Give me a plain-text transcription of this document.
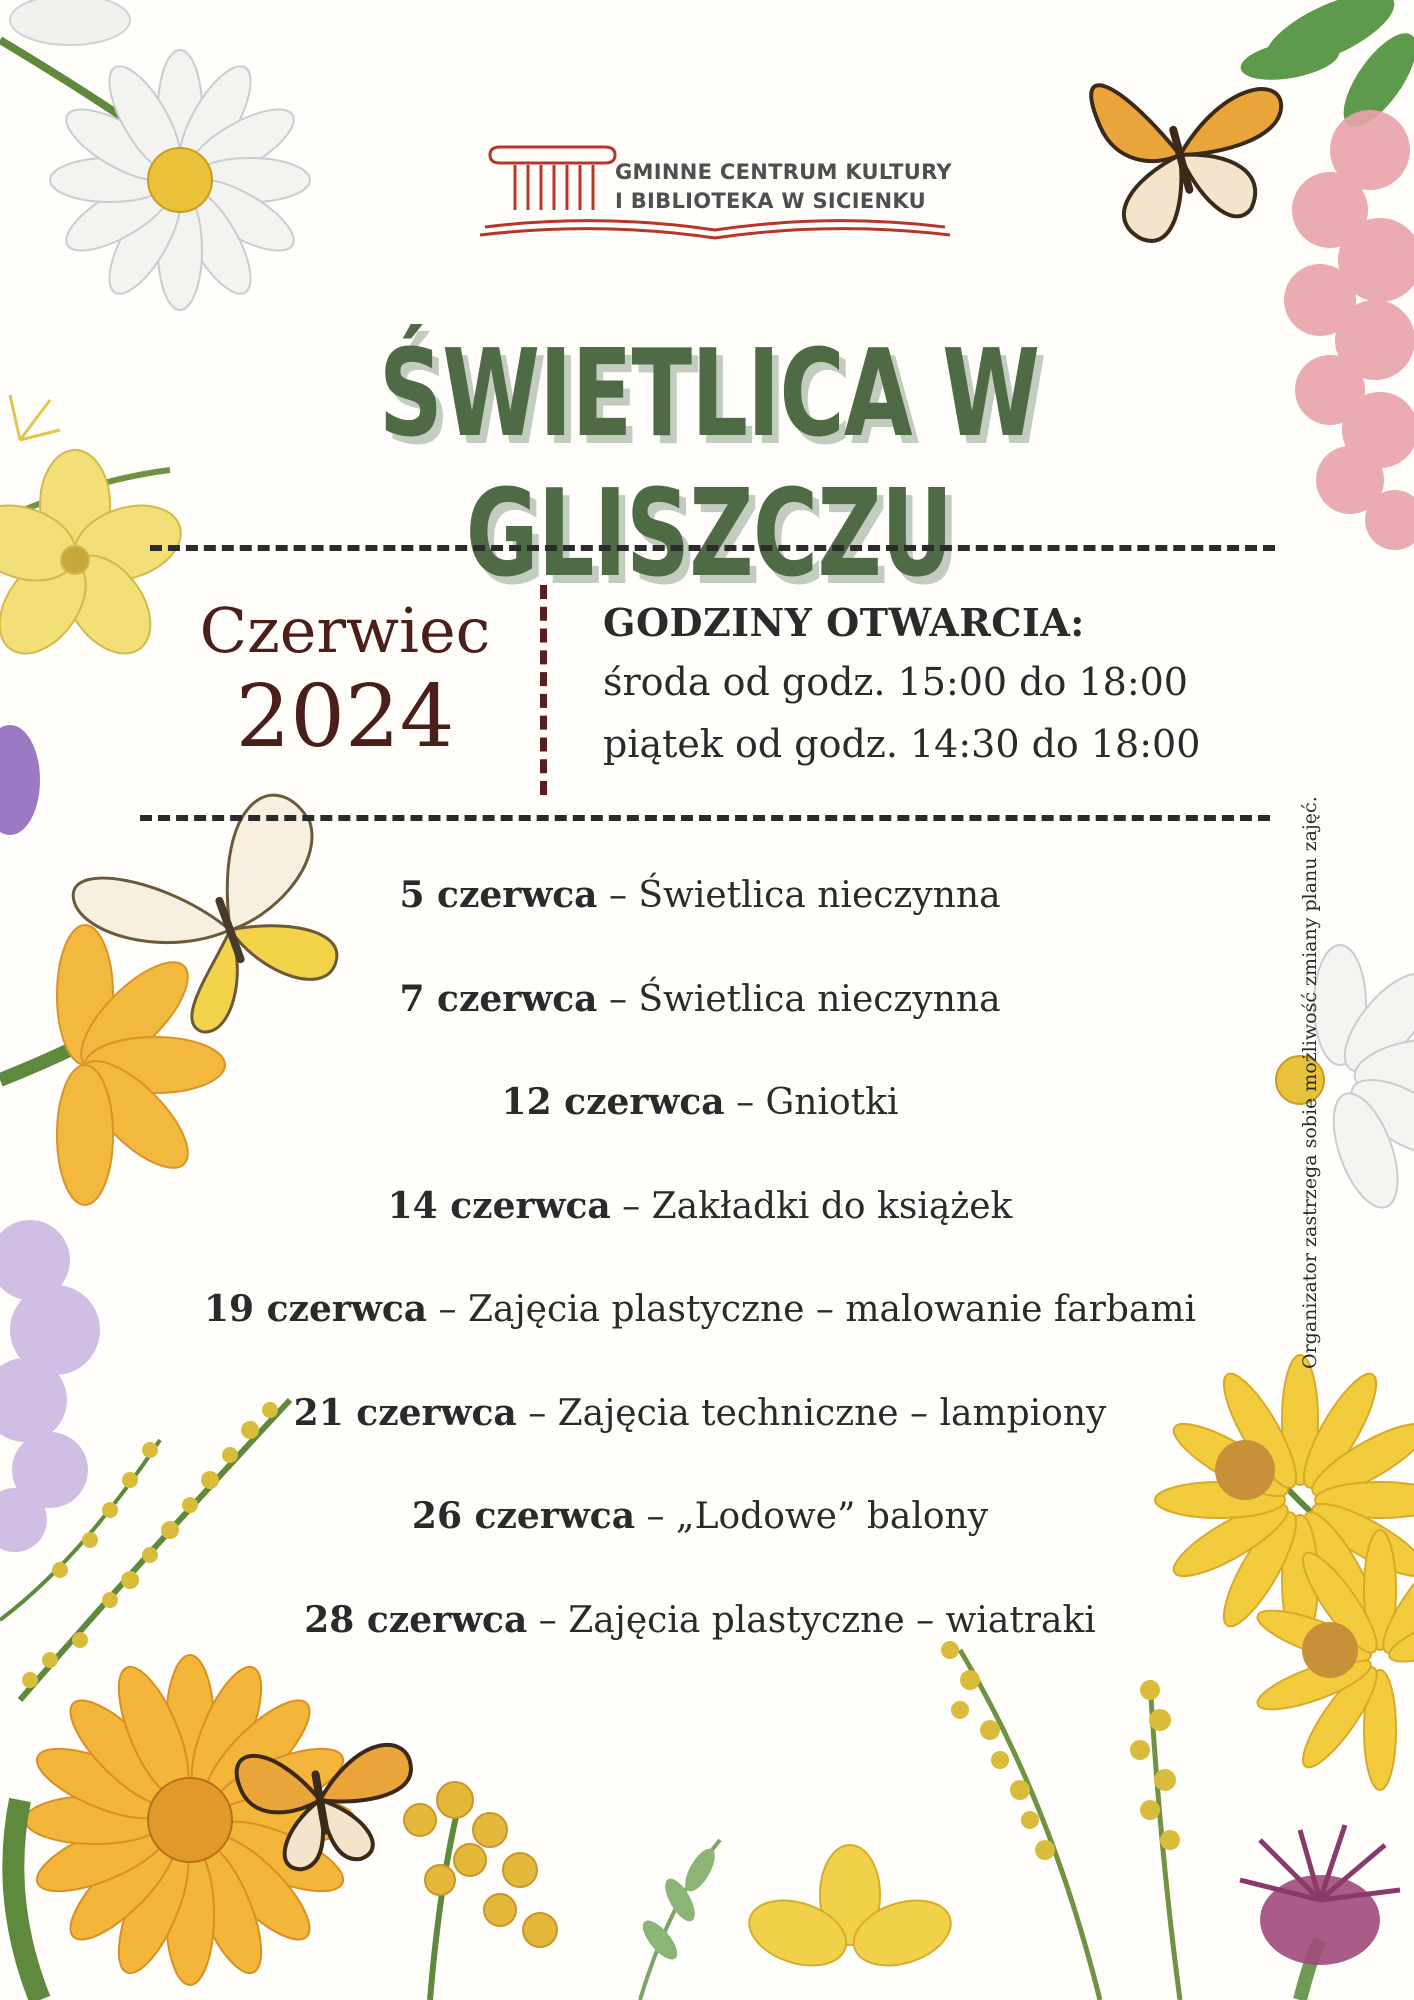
GMINNE CENTRUM KULTURY
I BIBLIOTEKA W SICIENKU
ŚWIETLICA W GLISZCZU
Czerwiec
2024
GODZINY OTWARCIA:
środa od godz. 15:00 do 18:00
piątek od godz. 14:30 do 18:00
5 czerwca – Świetlica nieczynna
7 czerwca – Świetlica nieczynna
12 czerwca – Gniotki
14 czerwca – Zakładki do książek
19 czerwca – Zajęcia plastyczne – malowanie farbami
21 czerwca – Zajęcia techniczne – lampiony
26 czerwca – „Lodowe” balony
28 czerwca – Zajęcia plastyczne – wiatraki
Organizator zastrzega sobie możliwość zmiany planu zajęć.
